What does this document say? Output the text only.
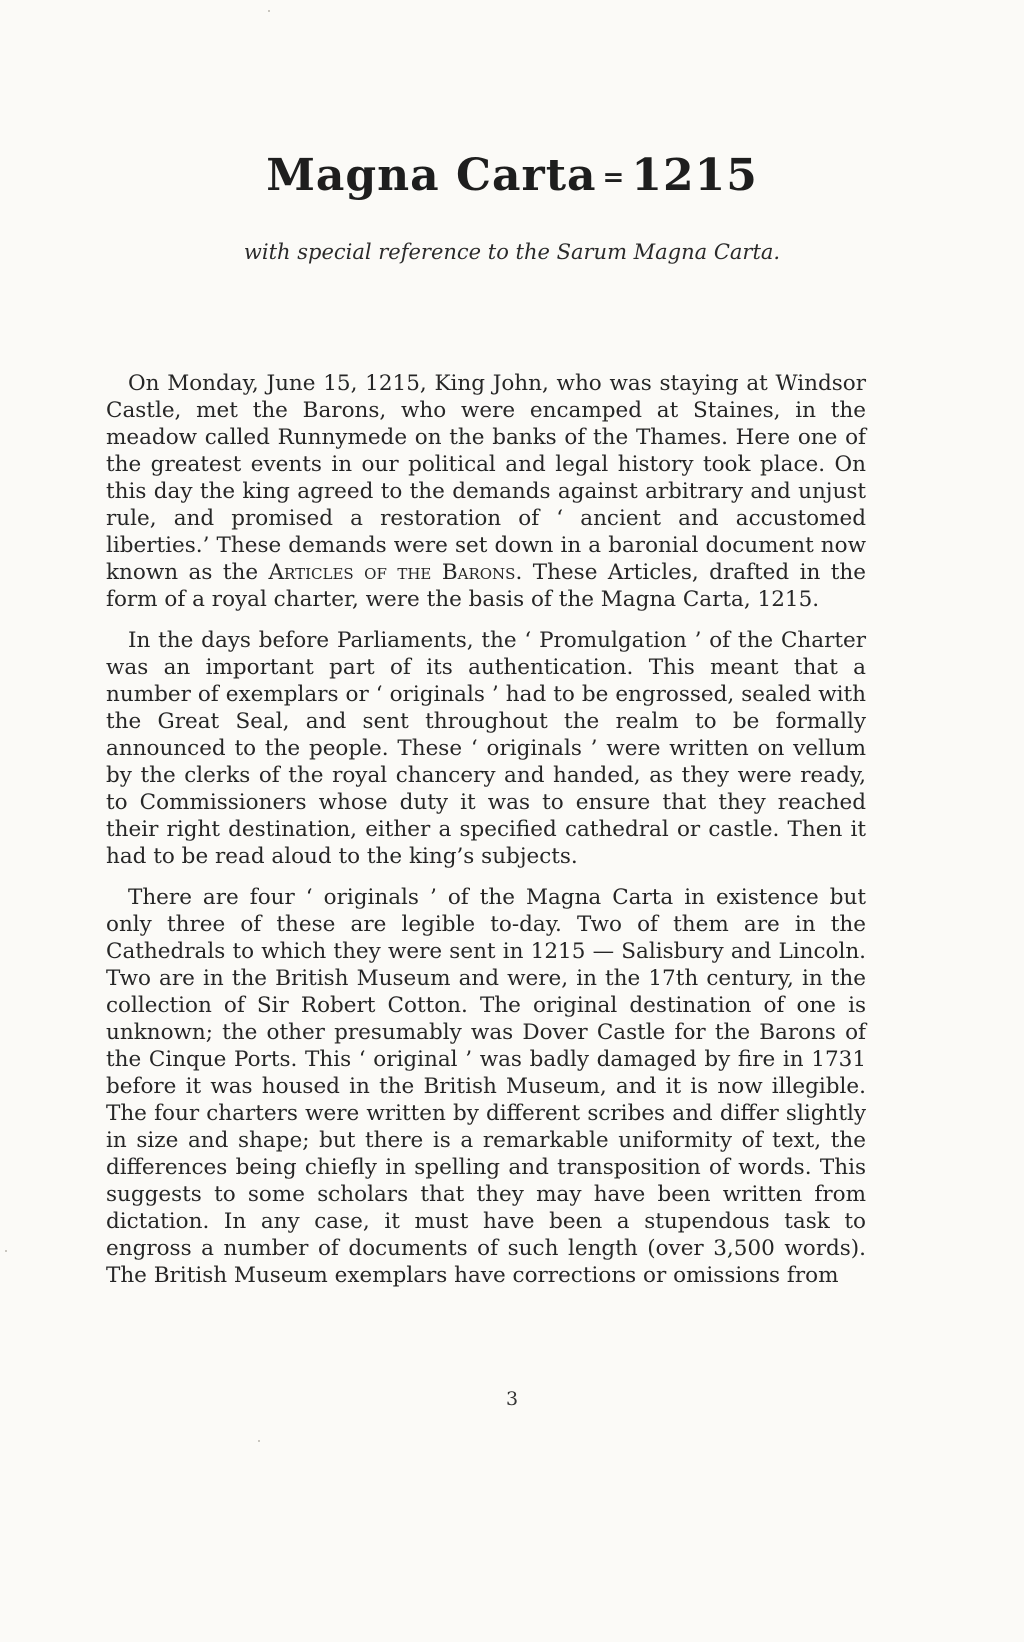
Magna Carta = 1215
with special reference to the Sarum Magna Carta.

On Monday, June 15, 1215, King John, who was staying at Windsor Castle, met the Barons, who were encamped at Staines, in the meadow called Runnymede on the banks of the Thames. Here one of the greatest events in our political and legal history took place. On this day the king agreed to the demands against arbitrary and unjust rule, and promised a restoration of ‘ ancient and accustomed liberties.’ These demands were set down in a baronial document now known as the Articles of the Barons. These Articles, drafted in the form of a royal charter, were the basis of the Magna Carta, 1215.

In the days before Parliaments, the ‘ Promulgation ’ of the Charter was an important part of its authentication. This meant that a number of exemplars or ‘ originals ’ had to be engrossed, sealed with the Great Seal, and sent throughout the realm to be formally announced to the people. These ‘ originals ’ were written on vellum by the clerks of the royal chancery and handed, as they were ready, to Commissioners whose duty it was to ensure that they reached their right destination, either a specified cathedral or castle. Then it had to be read aloud to the king’s subjects.

There are four ‘ originals ’ of the Magna Carta in existence but only three of these are legible to-day. Two of them are in the Cathedrals to which they were sent in 1215 — Salisbury and Lincoln. Two are in the British Museum and were, in the 17th century, in the collection of Sir Robert Cotton. The original destination of one is unknown; the other presumably was Dover Castle for the Barons of the Cinque Ports. This ‘ original ’ was badly damaged by fire in 1731 before it was housed in the British Museum, and it is now illegible. The four charters were written by different scribes and differ slightly in size and shape; but there is a remarkable uniformity of text, the differences being chiefly in spelling and transposition of words. This suggests to some scholars that they may have been written from dictation. In any case, it must have been a stupendous task to engross a number of documents of such length (over 3,500 words). The British Museum exemplars have corrections or omissions from

3
